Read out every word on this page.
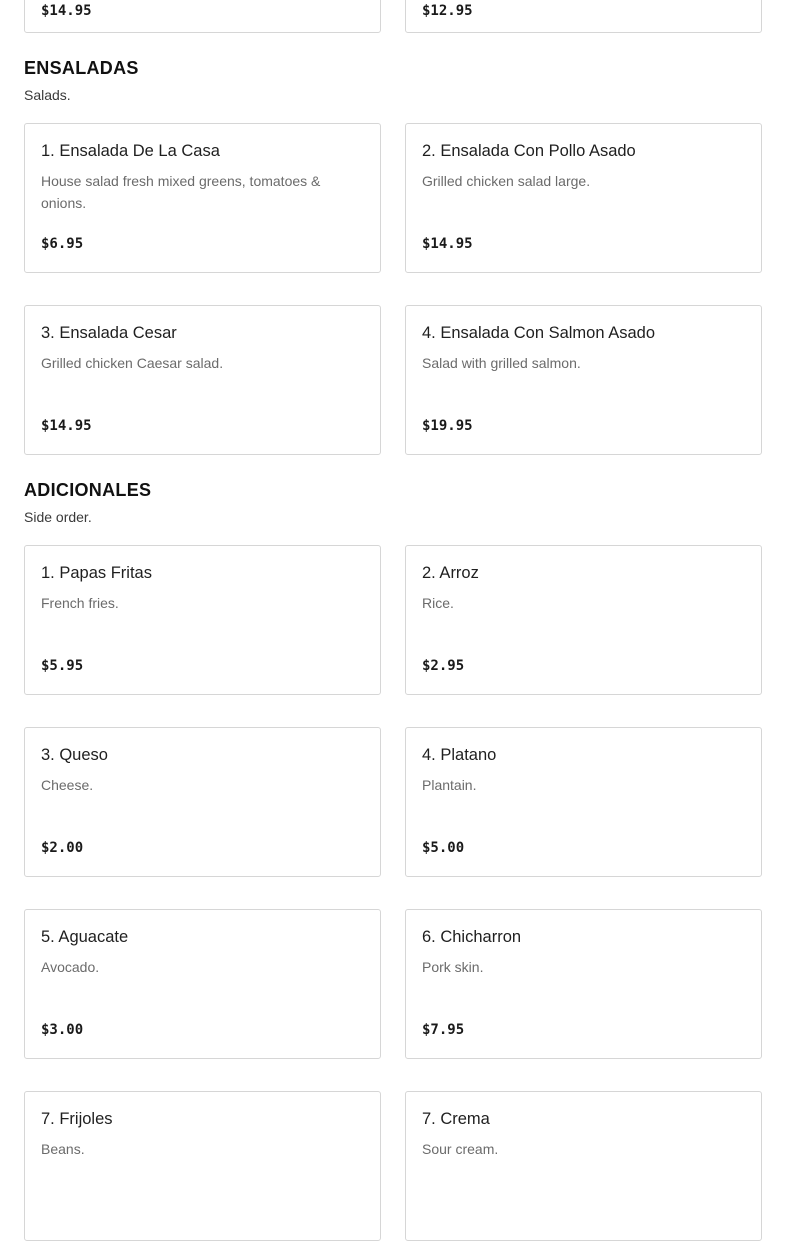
$14.95	$12.95
ENSALADAS
Salads.
1. Ensalada De La Casa
House salad fresh mixed greens, tomatoes & onions.
$6.95
2. Ensalada Con Pollo Asado
Grilled chicken salad large.
$14.95
3. Ensalada Cesar
Grilled chicken Caesar salad.
$14.95
4. Ensalada Con Salmon Asado
Salad with grilled salmon.
$19.95
ADICIONALES
Side order.
1. Papas Fritas
French fries.
$5.95
2. Arroz
Rice.
$2.95
3. Queso
Cheese.
$2.00
4. Platano
Plantain.
$5.00
5. Aguacate
Avocado.
$3.00
6. Chicharron
Pork skin.
$7.95
7. Frijoles
Beans.
7. Crema
Sour cream.
